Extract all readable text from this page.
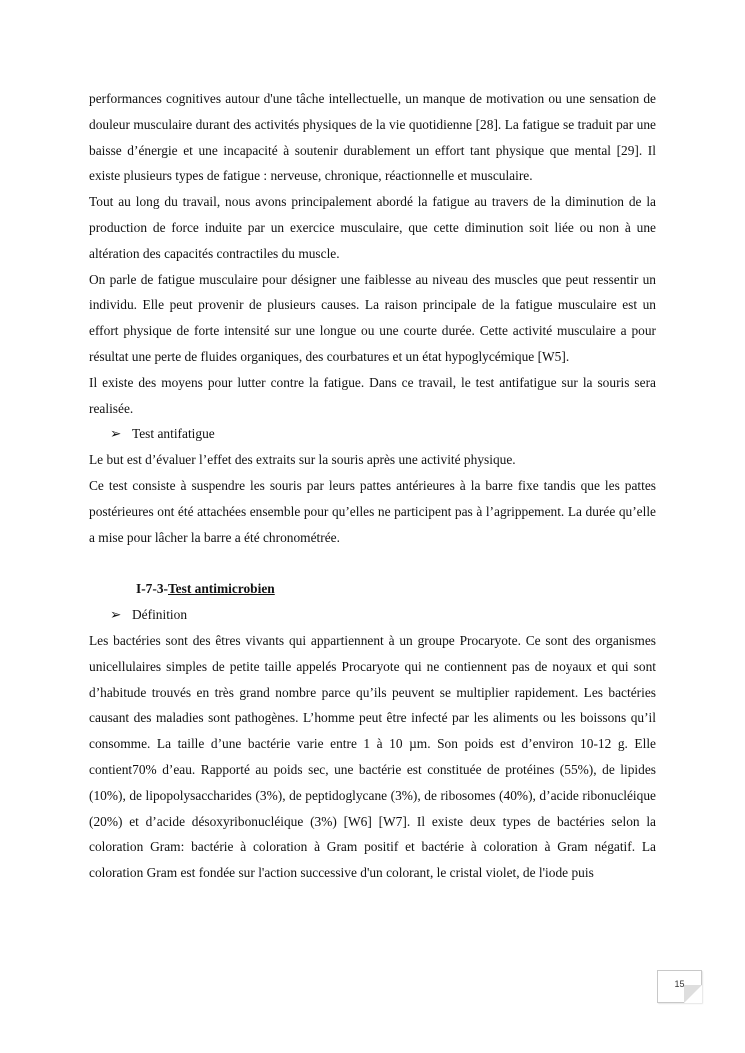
performances cognitives autour d'une tâche intellectuelle, un manque de motivation ou une sensation de douleur musculaire durant des activités physiques de la vie quotidienne [28]. La fatigue se traduit par une baisse d’énergie et une incapacité à soutenir durablement un effort tant physique que mental [29]. Il existe plusieurs types de fatigue : nerveuse, chronique, réactionnelle et musculaire.

Tout au long du travail, nous avons principalement abordé la fatigue au travers de la diminution de la production de force induite par un exercice musculaire, que cette diminution soit liée ou non à une altération des capacités contractiles du muscle.

On parle de fatigue musculaire pour désigner une faiblesse au niveau des muscles que peut ressentir un individu. Elle peut provenir de plusieurs causes. La raison principale de la fatigue musculaire est un effort physique de forte intensité sur une longue ou une courte durée. Cette activité musculaire a pour résultat une perte de fluides organiques, des courbatures et un état hypoglycémique [W5].

Il existe des moyens pour lutter contre la fatigue. Dans ce travail, le test antifatigue sur la souris sera realisée.

➢ Test antifatigue

Le but est d’évaluer l’effet des extraits sur la souris après une activité physique.

Ce test consiste à suspendre les souris par leurs pattes antérieures à la barre fixe tandis que les pattes postérieures ont été attachées ensemble pour qu’elles ne participent pas à l’agrippement. La durée qu’elle a mise pour lâcher la barre a été chronométrée.

I-7-3-Test antimicrobien

➢ Définition

Les bactéries sont des êtres vivants qui appartiennent à un groupe Procaryote. Ce sont des organismes unicellulaires simples de petite taille appelés Procaryote qui ne contiennent pas de noyaux et qui sont d’habitude trouvés en très grand nombre parce qu’ils peuvent se multiplier rapidement. Les bactéries causant des maladies sont pathogènes. L’homme peut être infecté par les aliments ou les boissons qu’il consomme. La taille d’une bactérie varie entre 1 à 10 µm. Son poids est d’environ 10-12 g. Elle contient70% d’eau. Rapporté au poids sec, une bactérie est constituée de protéines (55%), de lipides (10%), de lipopolysaccharides (3%), de peptidoglycane (3%), de ribosomes (40%), d’acide ribonucléique (20%) et d’acide désoxyribonucléique (3%) [W6] [W7]. Il existe deux types de bactéries selon la coloration Gram: bactérie à coloration à Gram positif et bactérie à coloration à Gram négatif. La coloration Gram est fondée sur l'action successive d'un colorant, le cristal violet, de l'iode puis

15
